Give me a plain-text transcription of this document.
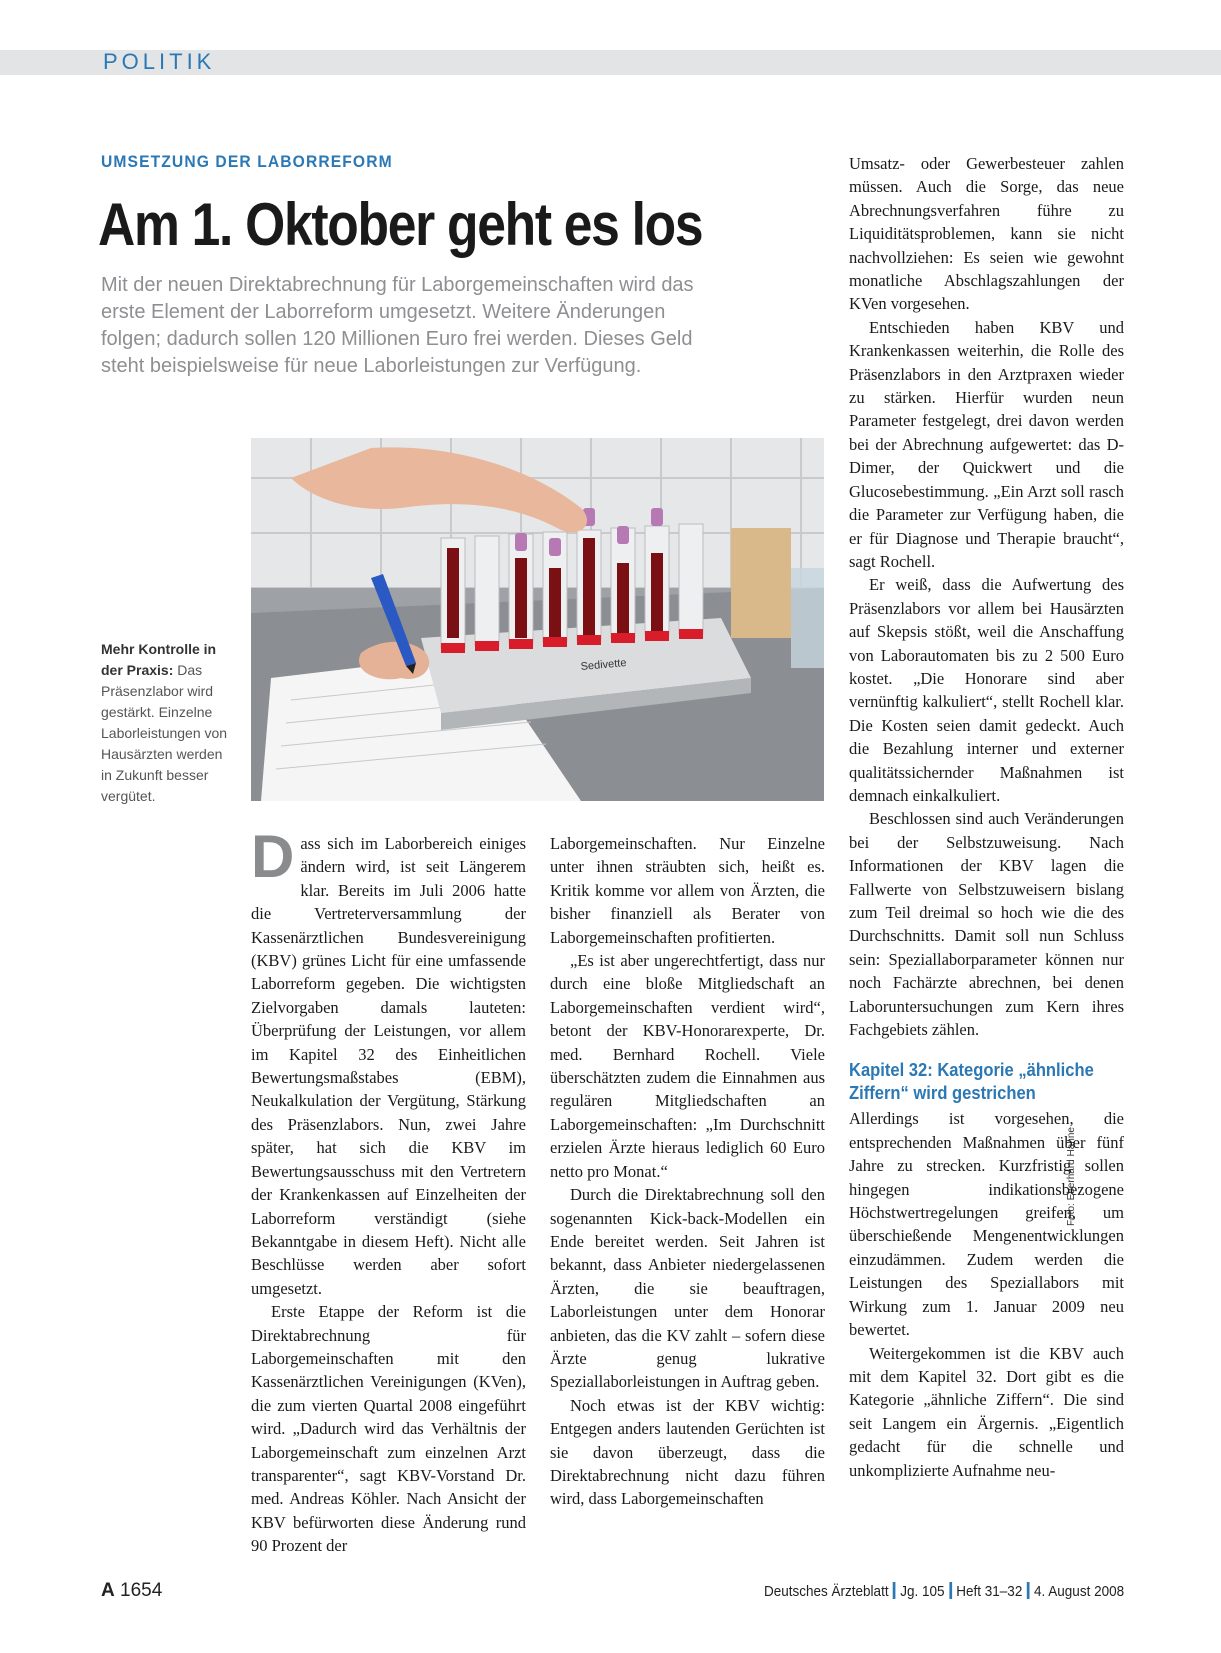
POLITIK
UMSETZUNG DER LABORREFORM
Am 1. Oktober geht es los
Mit der neuen Direktabrechnung für Laborgemeinschaften wird das
erste Element der Laborreform umgesetzt. Weitere Änderungen
folgen; dadurch sollen 120 Millionen Euro frei werden. Dieses Geld
steht beispielsweise für neue Laborleistungen zur Verfügung.
Sedivette
Foto: Eberhard Hahne
Mehr Kontrolle in der Praxis: Das Präsenzlabor wird gestärkt. Einzelne Laborleistungen von Hausärzten werden in Zukunft besser vergütet.

Dass sich im Laborbereich einiges ändern wird, ist seit Längerem klar. Bereits im Juli 2006 hatte die Vertreterversammlung der Kassenärztlichen Bundesvereinigung (KBV) grünes Licht für eine umfassende Laborreform gegeben. Die wichtigsten Zielvorgaben damals lauteten: Überprüfung der Leistungen, vor allem im Kapitel 32 des Einheitlichen Bewertungsmaßstabes (EBM), Neukalkulation der Vergütung, Stärkung des Präsenzlabors. Nun, zwei Jahre später, hat sich die KBV im Bewertungsausschuss mit den Vertretern der Krankenkassen auf Einzelheiten der Laborreform verständigt (siehe Bekanntgabe in diesem Heft). Nicht alle Beschlüsse werden aber sofort umgesetzt.

Erste Etappe der Reform ist die Direktabrechnung für Laborgemeinschaften mit den Kassenärztlichen Vereinigungen (KVen), die zum vierten Quartal 2008 eingeführt wird. „Dadurch wird das Verhältnis der Laborgemeinschaft zum einzelnen Arzt transparenter“, sagt KBV-Vorstand Dr. med. Andreas Köhler. Nach Ansicht der KBV befürworten diese Änderung rund 90 Prozent der

Laborgemeinschaften. Nur Einzelne unter ihnen sträubten sich, heißt es. Kritik komme vor allem von Ärzten, die bisher finanziell als Berater von Laborgemeinschaften profitierten.

„Es ist aber ungerechtfertigt, dass nur durch eine bloße Mitgliedschaft an Laborgemeinschaften verdient wird“, betont der KBV-Honorarexperte, Dr. med. Bernhard Rochell. Viele überschätzten zudem die Einnahmen aus regulären Mitgliedschaften an Laborgemeinschaften: „Im Durchschnitt erzielen Ärzte hieraus lediglich 60 Euro netto pro Monat.“

Durch die Direktabrechnung soll den sogenannten Kick-back-Modellen ein Ende bereitet werden. Seit Jahren ist bekannt, dass Anbieter niedergelassenen Ärzten, die sie beauftragen, Laborleistungen unter dem Honorar anbieten, das die KV zahlt – sofern diese Ärzte genug lukrative Speziallaborleistungen in Auftrag geben.

Noch etwas ist der KBV wichtig: Entgegen anders lautenden Gerüchten ist sie davon überzeugt, dass die Direktabrechnung nicht dazu führen wird, dass Laborgemeinschaften

Umsatz- oder Gewerbesteuer zahlen müssen. Auch die Sorge, das neue Abrechnungsverfahren führe zu Liquiditätsproblemen, kann sie nicht nachvollziehen: Es seien wie gewohnt monatliche Abschlagszahlungen der KVen vorgesehen.

Entschieden haben KBV und Krankenkassen weiterhin, die Rolle des Präsenzlabors in den Arztpraxen wieder zu stärken. Hierfür wurden neun Parameter festgelegt, drei davon werden bei der Abrechnung aufgewertet: das D-Dimer, der Quickwert und die Glucosebestimmung. „Ein Arzt soll rasch die Parameter zur Verfügung haben, die er für Diagnose und Therapie braucht“, sagt Rochell.

Er weiß, dass die Aufwertung des Präsenzlabors vor allem bei Hausärzten auf Skepsis stößt, weil die Anschaffung von Laborautomaten bis zu 2 500 Euro kostet. „Die Honorare sind aber vernünftig kalkuliert“, stellt Rochell klar. Die Kosten seien damit gedeckt. Auch die Bezahlung interner und externer qualitätssichernder Maßnahmen ist demnach einkalkuliert.

Beschlossen sind auch Veränderungen bei der Selbstzuweisung. Nach Informationen der KBV lagen die Fallwerte von Selbstzuweisern bislang zum Teil dreimal so hoch wie die des Durchschnitts. Damit soll nun Schluss sein: Speziallaborparameter können nur noch Fachärzte abrechnen, bei denen Laboruntersuchungen zum Kern ihres Fachgebiets zählen.

Kapitel 32: Kategorie „ähnliche Ziffern“ wird gestrichen

Allerdings ist vorgesehen, die entsprechenden Maßnahmen über fünf Jahre zu strecken. Kurzfristig sollen hingegen indikationsbezogene Höchstwertregelungen greifen, um überschießende Mengenentwicklungen einzudämmen. Zudem werden die Leistungen des Speziallabors mit Wirkung zum 1. Januar 2009 neu bewertet.

Weitergekommen ist die KBV auch mit dem Kapitel 32. Dort gibt es die Kategorie „ähnliche Ziffern“. Die sind seit Langem ein Ärgernis. „Eigentlich gedacht für die schnelle und unkomplizierte Aufnahme neu-

A 1654	Deutsches Ärzteblatt Jg. 105 Heft 31–32 4. August 2008
